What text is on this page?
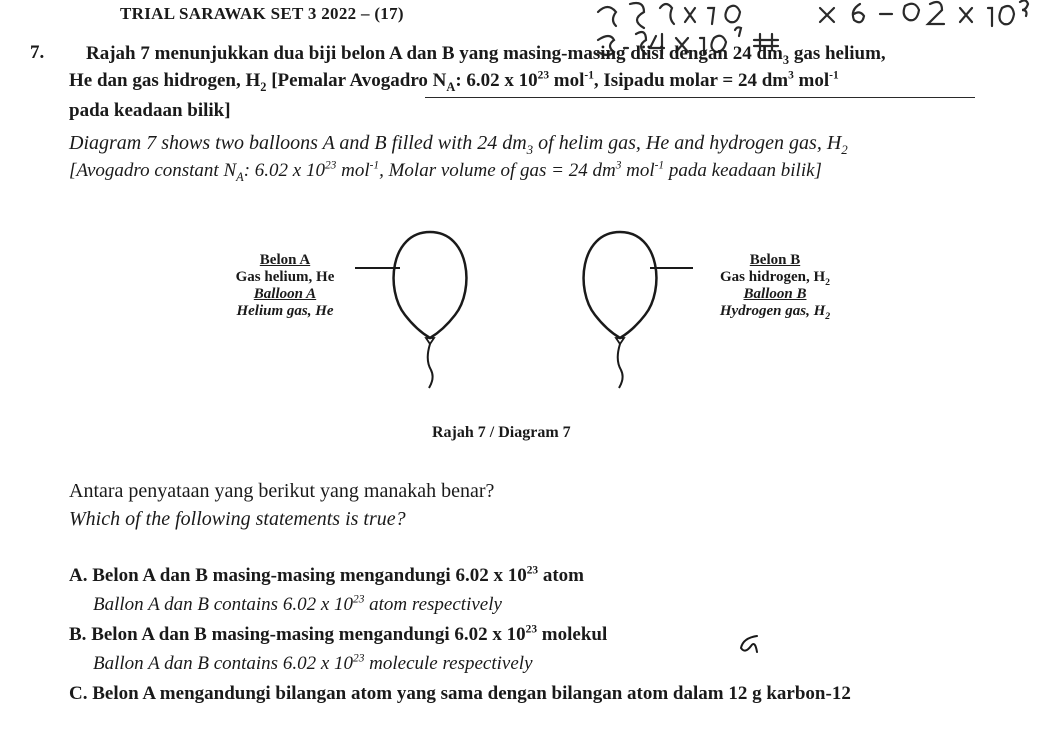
TRIAL SARAWAK SET 3 2022 – (17)
7. Rajah 7 menunjukkan dua biji belon A dan B yang masing-masing diisi dengan 24 $dm_3$ gas helium,
He dan gas hidrogen, $H_2$ [Pemalar Avogadro $N_A$: 6.02 x $10^{23}$ mol$^{-1}$, Isipadu molar = 24 $dm^3$ mol$^{-1}$
pada keadaan bilik]
Diagram 7 shows two balloons A and B filled with 24 $dm_3$ of helim gas, He and hydrogen gas, $H_2$
[Avogadro constant $N_A$: 6.02 x $10^{23}$ mol$^{-1}$, Molar volume of gas = 24 $dm^3$ mol$^{-1}$ pada keadaan bilik]
Belon A
Gas helium, He
Balloon A
Helium gas, He
Belon B
Gas hidrogen, $H_2$
Balloon B
Hydrogen gas, $H_2$
Rajah 7 / Diagram 7
Antara penyataan yang berikut yang manakah benar?
Which of the following statements is true?
A. Belon A dan B masing-masing mengandungi 6.02 x $10^{23}$ atom
Ballon A dan B contains 6.02 x $10^{23}$ atom respectively
B. Belon A dan B masing-masing mengandungi 6.02 x $10^{23}$ molekul
Ballon A dan B contains 6.02 x $10^{23}$ molecule respectively
C. Belon A mengandungi bilangan atom yang sama dengan bilangan atom dalam 12 g karbon-12
